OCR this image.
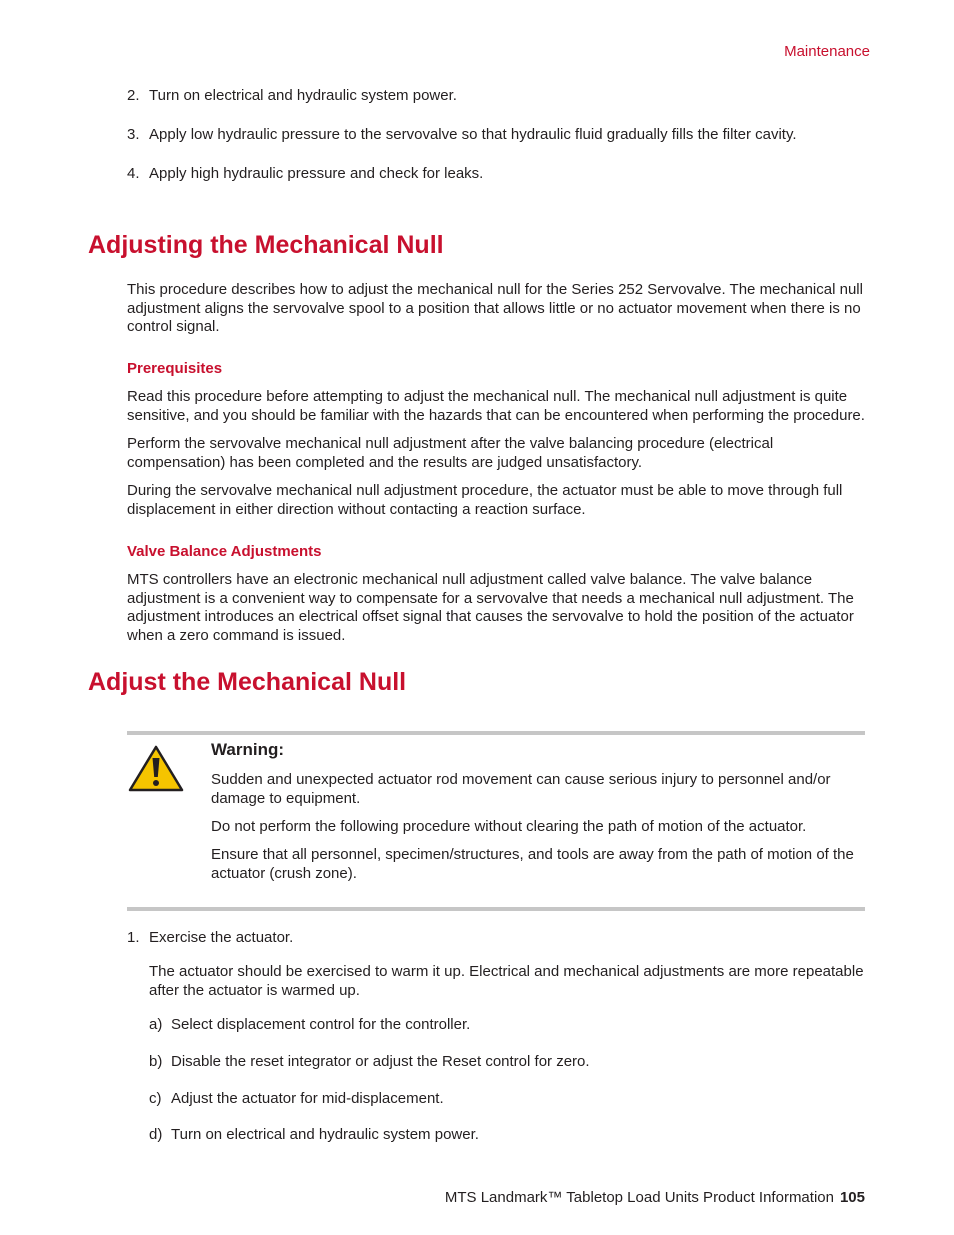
Maintenance
2. Turn on electrical and hydraulic system power.
3. Apply low hydraulic pressure to the servovalve so that hydraulic fluid gradually fills the filter cavity.
4. Apply high hydraulic pressure and check for leaks.
Adjusting the Mechanical Null
This procedure describes how to adjust the mechanical null for the Series 252 Servovalve. The mechanical null adjustment aligns the servovalve spool to a position that allows little or no actuator movement when there is no control signal.
Prerequisites
Read this procedure before attempting to adjust the mechanical null. The mechanical null adjustment is quite sensitive, and you should be familiar with the hazards that can be encountered when performing the procedure.
Perform the servovalve mechanical null adjustment after the valve balancing procedure (electrical compensation) has been completed and the results are judged unsatisfactory.
During the servovalve mechanical null adjustment procedure, the actuator must be able to move through full displacement in either direction without contacting a reaction surface.
Valve Balance Adjustments
MTS controllers have an electronic mechanical null adjustment called valve balance. The valve balance adjustment is a convenient way to compensate for a servovalve that needs a mechanical null adjustment. The adjustment introduces an electrical offset signal that causes the servovalve to hold the position of the actuator when a zero command is issued.
Adjust the Mechanical Null
Warning:
Sudden and unexpected actuator rod movement can cause serious injury to personnel and/or damage to equipment.
Do not perform the following procedure without clearing the path of motion of the actuator.
Ensure that all personnel, specimen/structures, and tools are away from the path of motion of the actuator (crush zone).
1. Exercise the actuator.
The actuator should be exercised to warm it up. Electrical and mechanical adjustments are more repeatable after the actuator is warmed up.
a) Select displacement control for the controller.
b) Disable the reset integrator or adjust the Reset control for zero.
c) Adjust the actuator for mid-displacement.
d) Turn on electrical and hydraulic system power.
MTS Landmark™ Tabletop Load Units Product Information 105
